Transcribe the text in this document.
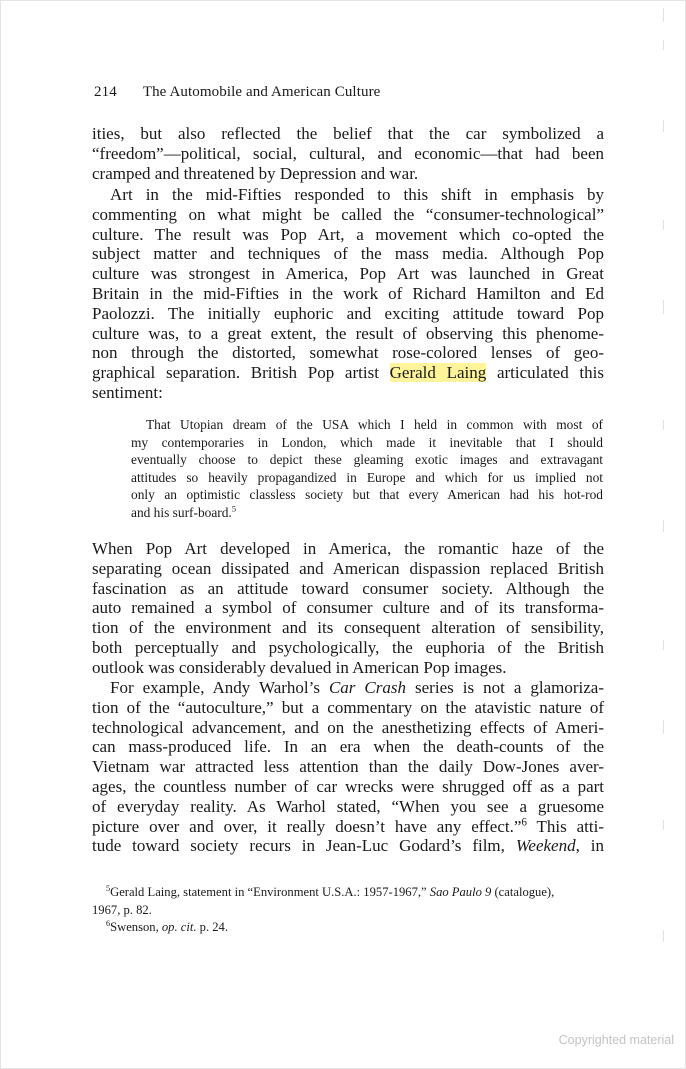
214 The Automobile and American Culture

ities, but also reflected the belief that the car symbolized a
“freedom”—political, social, cultural, and economic—that had been
cramped and threatened by Depression and war.

Art in the mid-Fifties responded to this shift in emphasis by
commenting on what might be called the “consumer-technological”
culture. The result was Pop Art, a movement which co-opted the
subject matter and techniques of the mass media. Although Pop
culture was strongest in America, Pop Art was launched in Great
Britain in the mid-Fifties in the work of Richard Hamilton and Ed
Paolozzi. The initially euphoric and exciting attitude toward Pop
culture was, to a great extent, the result of observing this phenome-
non through the distorted, somewhat rose-colored lenses of geo-
graphical separation. British Pop artist Gerald Laing articulated this
sentiment:

That Utopian dream of the USA which I held in common with most of
my contemporaries in London, which made it inevitable that I should
eventually choose to depict these gleaming exotic images and extravagant
attitudes so heavily propagandized in Europe and which for us implied not
only an optimistic classless society but that every American had his hot-rod
and his surf-board.$^5$

When Pop Art developed in America, the romantic haze of the
separating ocean dissipated and American dispassion replaced British
fascination as an attitude toward consumer society. Although the
auto remained a symbol of consumer culture and of its transforma-
tion of the environment and its consequent alteration of sensibility,
both perceptually and psychologically, the euphoria of the British
outlook was considerably devalued in American Pop images.

For example, Andy Warhol’s Car Crash series is not a glamoriza-
tion of the “autoculture,” but a commentary on the atavistic nature of
technological advancement, and on the anesthetizing effects of Ameri-
can mass-produced life. In an era when the death-counts of the
Vietnam war attracted less attention than the daily Dow-Jones aver-
ages, the countless number of car wrecks were shrugged off as a part
of everyday reality. As Warhol stated, “When you see a gruesome
picture over and over, it really doesn’t have any effect.”$^6$ This atti-
tude toward society recurs in Jean-Luc Godard’s film, Weekend, in

$^5$Gerald Laing, statement in “Environment U.S.A.: 1957-1967,” Sao Paulo 9 (catalogue),
1967, p. 82.

$^6$Swenson, op. cit. p. 24.

Copyrighted material
